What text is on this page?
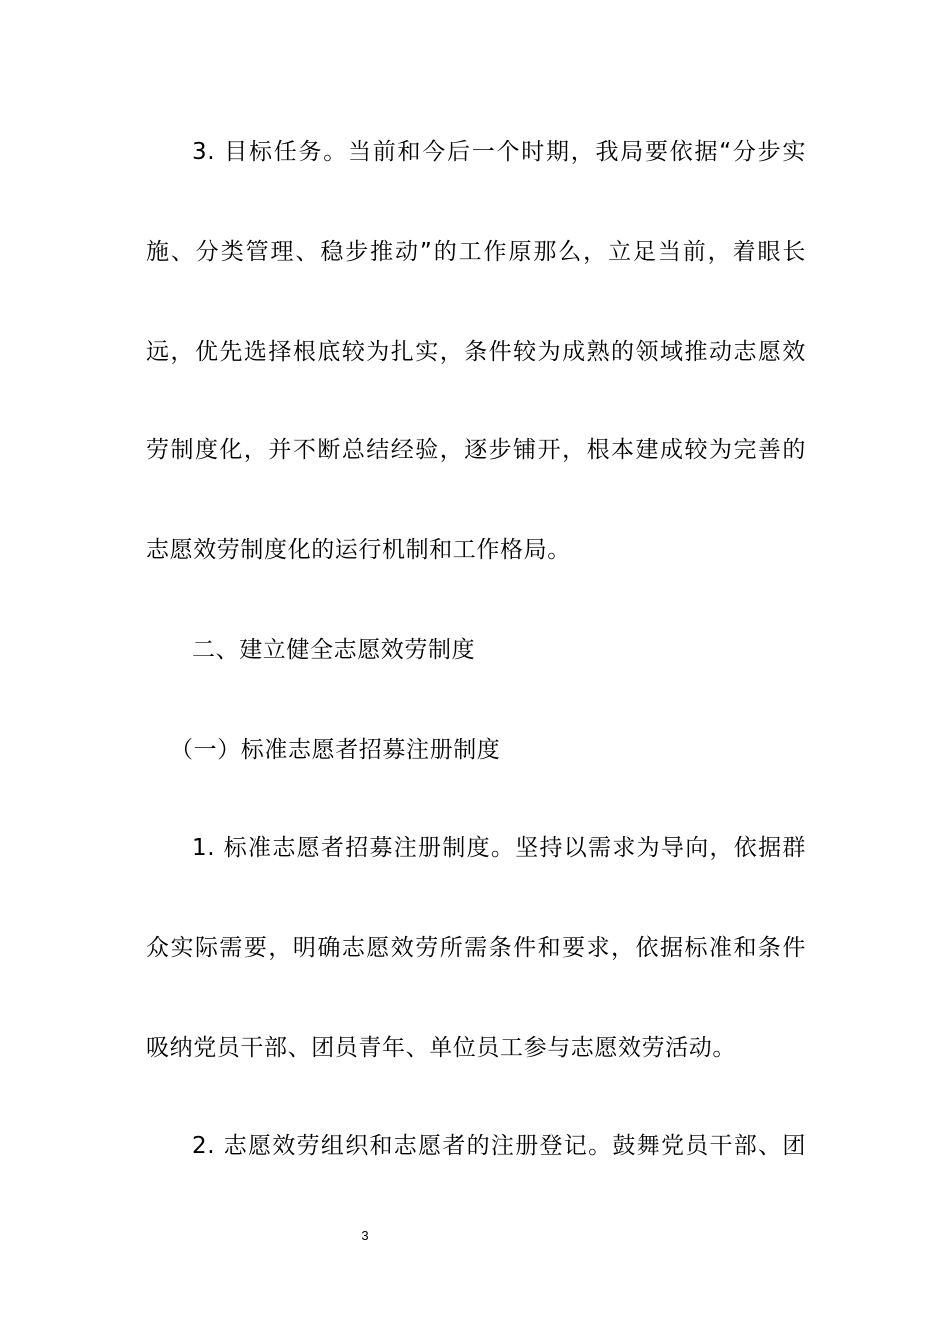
3. 目标任务。当前和今后一个时期，我局要依据“分步实
施、分类管理、稳步推动”的工作原那么，立足当前，着眼长
远，优先选择根底较为扎实，条件较为成熟的领域推动志愿效
劳制度化，并不断总结经验，逐步铺开，根本建成较为完善的
志愿效劳制度化的运行机制和工作格局。
二、建立健全志愿效劳制度
（一）标准志愿者招募注册制度
1. 标准志愿者招募注册制度。坚持以需求为导向，依据群
众实际需要，明确志愿效劳所需条件和要求，依据标准和条件
吸纳党员干部、团员青年、单位员工参与志愿效劳活动。
2. 志愿效劳组织和志愿者的注册登记。鼓舞党员干部、团
3
